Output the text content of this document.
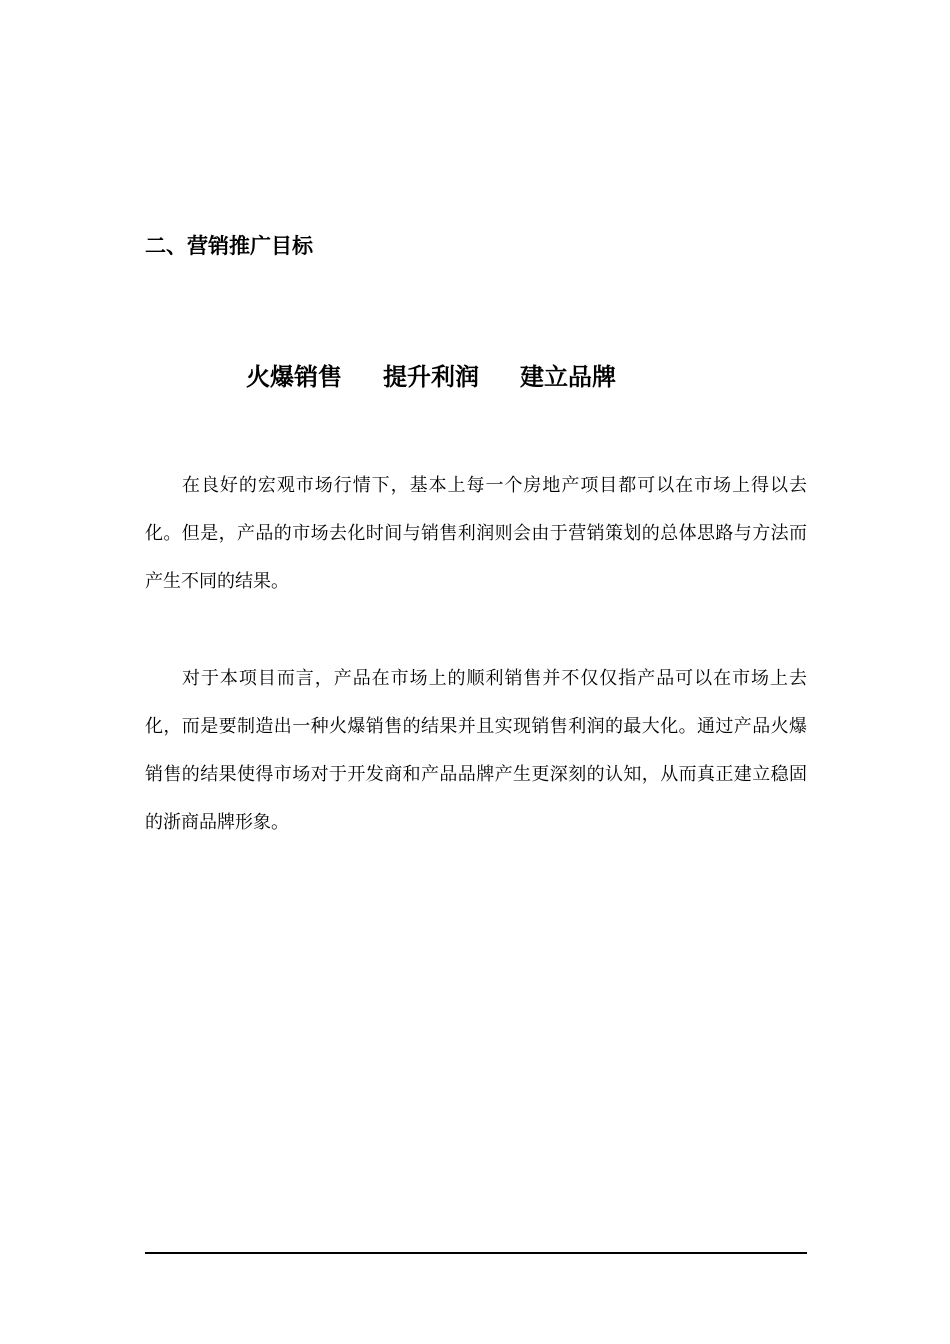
二、营销推广目标
火爆销售 提升利润 建立品牌

在良好的宏观市场行情下，基本上每一个房地产项目都可以在市场上得以去化。但是，产品的市场去化时间与销售利润则会由于营销策划的总体思路与方法而产生不同的结果。

对于本项目而言，产品在市场上的顺利销售并不仅仅指产品可以在市场上去化，而是要制造出一种火爆销售的结果并且实现销售利润的最大化。通过产品火爆销售的结果使得市场对于开发商和产品品牌产生更深刻的认知，从而真正建立稳固的浙商品牌形象。
